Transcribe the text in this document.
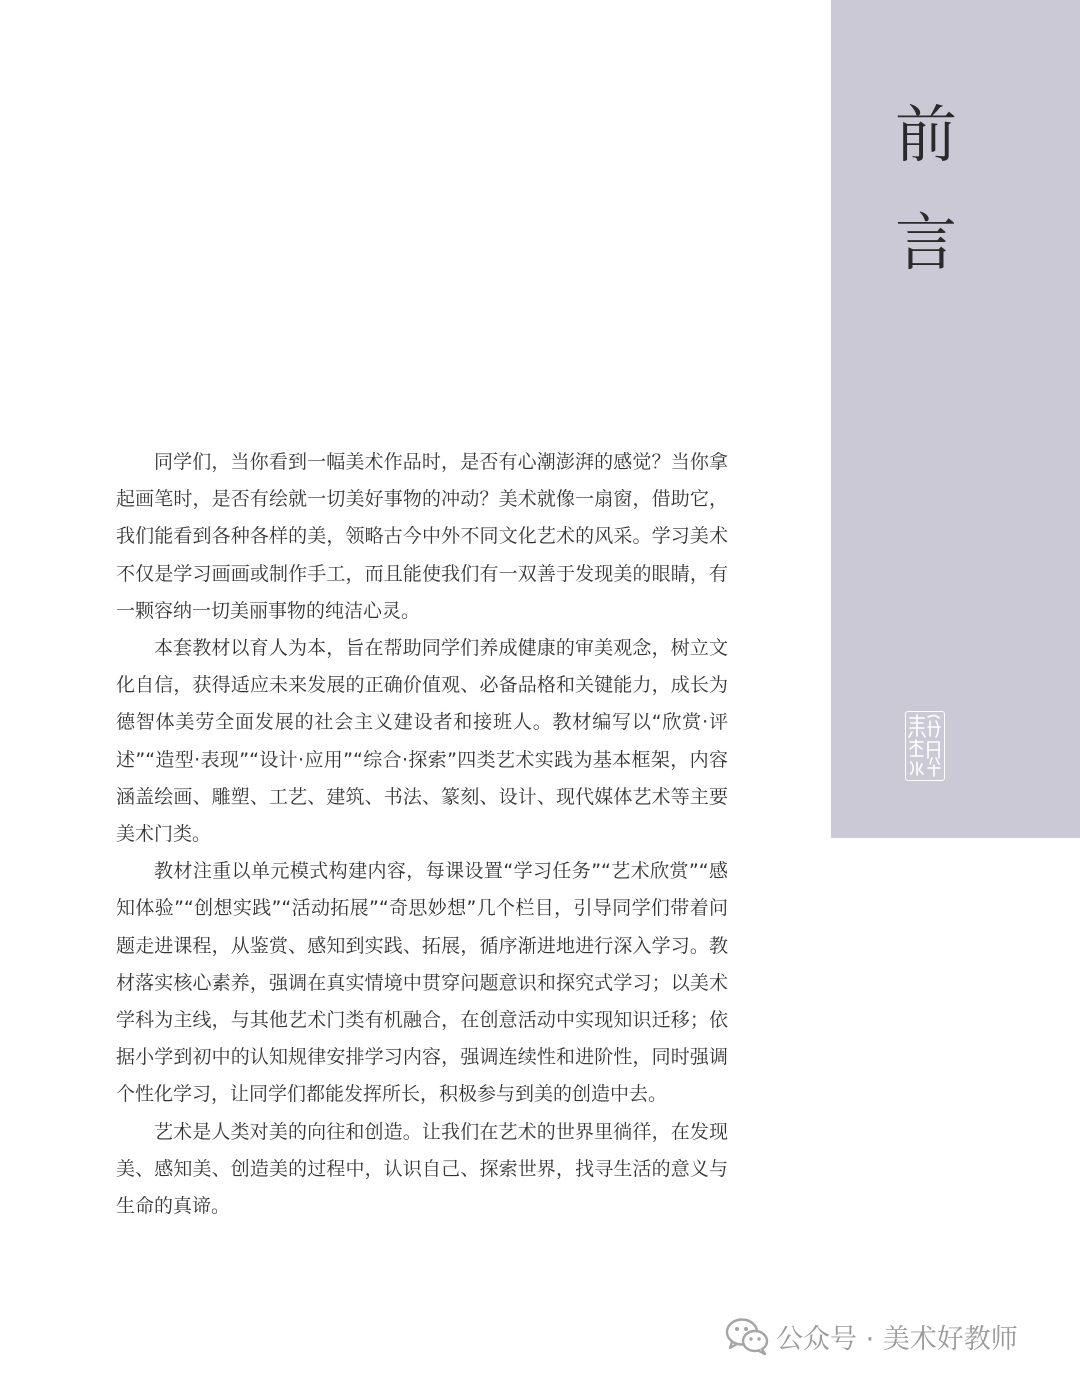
前
言

同学们，当你看到一幅美术作品时，是否有心潮澎湃的感觉？当你拿起画笔时，是否有绘就一切美好事物的冲动？美术就像一扇窗，借助它，我们能看到各种各样的美，领略古今中外不同文化艺术的风采。学习美术不仅是学习画画或制作手工，而且能使我们有一双善于发现美的眼睛，有一颗容纳一切美丽事物的纯洁心灵。

本套教材以育人为本，旨在帮助同学们养成健康的审美观念，树立文化自信，获得适应未来发展的正确价值观、必备品格和关键能力，成长为德智体美劳全面发展的社会主义建设者和接班人。教材编写以“欣赏·评述”“造型·表现”“设计·应用”“综合·探索”四类艺术实践为基本框架，内容涵盖绘画、雕塑、工艺、建筑、书法、篆刻、设计、现代媒体艺术等主要美术门类。

教材注重以单元模式构建内容，每课设置“学习任务”“艺术欣赏”“感知体验”“创想实践”“活动拓展”“奇思妙想”几个栏目，引导同学们带着问题走进课程，从鉴赏、感知到实践、拓展，循序渐进地进行深入学习。教材落实核心素养，强调在真实情境中贯穿问题意识和探究式学习；以美术学科为主线，与其他艺术门类有机融合，在创意活动中实现知识迁移；依据小学到初中的认知规律安排学习内容，强调连续性和进阶性，同时强调个性化学习，让同学们都能发挥所长，积极参与到美的创造中去。

艺术是人类对美的向往和创造。让我们在艺术的世界里徜徉，在发现美、感知美、创造美的过程中，认识自己、探索世界，找寻生活的意义与生命的真谛。

公众号 · 美术好教师
